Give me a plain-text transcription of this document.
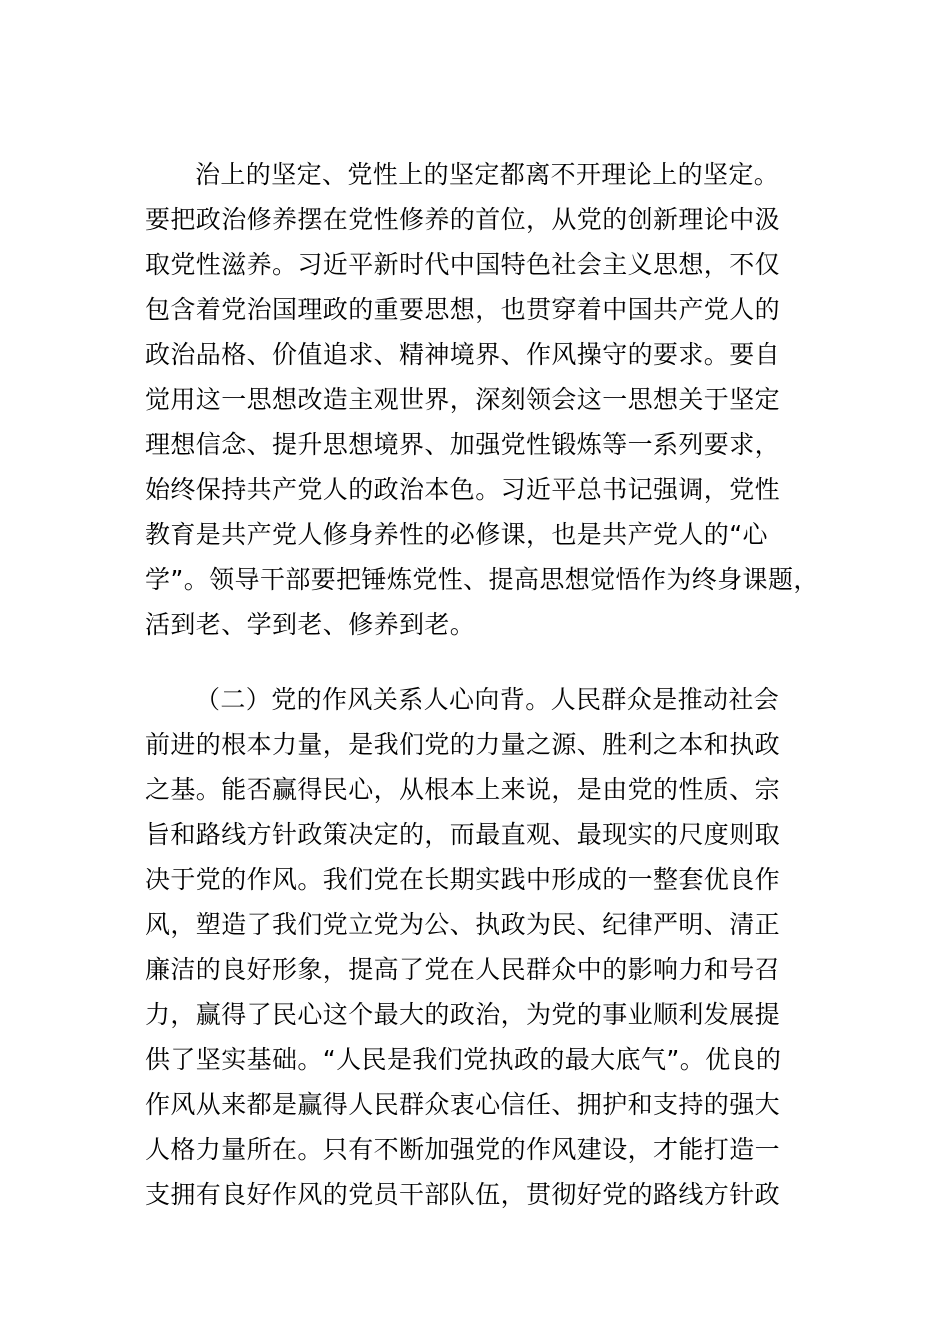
治上的坚定、党性上的坚定都离不开理论上的坚定。
要把政治修养摆在党性修养的首位，从党的创新理论中汲
取党性滋养。习近平新时代中国特色社会主义思想，不仅
包含着党治国理政的重要思想，也贯穿着中国共产党人的
政治品格、价值追求、精神境界、作风操守的要求。要自
觉用这一思想改造主观世界，深刻领会这一思想关于坚定
理想信念、提升思想境界、加强党性锻炼等一系列要求，
始终保持共产党人的政治本色。习近平总书记强调，党性
教育是共产党人修身养性的必修课，也是共产党人的“心
学”。领导干部要把锤炼党性、提高思想觉悟作为终身课题，
活到老、学到老、修养到老。
（二）党的作风关系人心向背。人民群众是推动社会
前进的根本力量，是我们党的力量之源、胜利之本和执政
之基。能否赢得民心，从根本上来说，是由党的性质、宗
旨和路线方针政策决定的，而最直观、最现实的尺度则取
决于党的作风。我们党在长期实践中形成的一整套优良作
风，塑造了我们党立党为公、执政为民、纪律严明、清正
廉洁的良好形象，提高了党在人民群众中的影响力和号召
力，赢得了民心这个最大的政治，为党的事业顺利发展提
供了坚实基础。“人民是我们党执政的最大底气”。优良的
作风从来都是赢得人民群众衷心信任、拥护和支持的强大
人格力量所在。只有不断加强党的作风建设，才能打造一
支拥有良好作风的党员干部队伍，贯彻好党的路线方针政
